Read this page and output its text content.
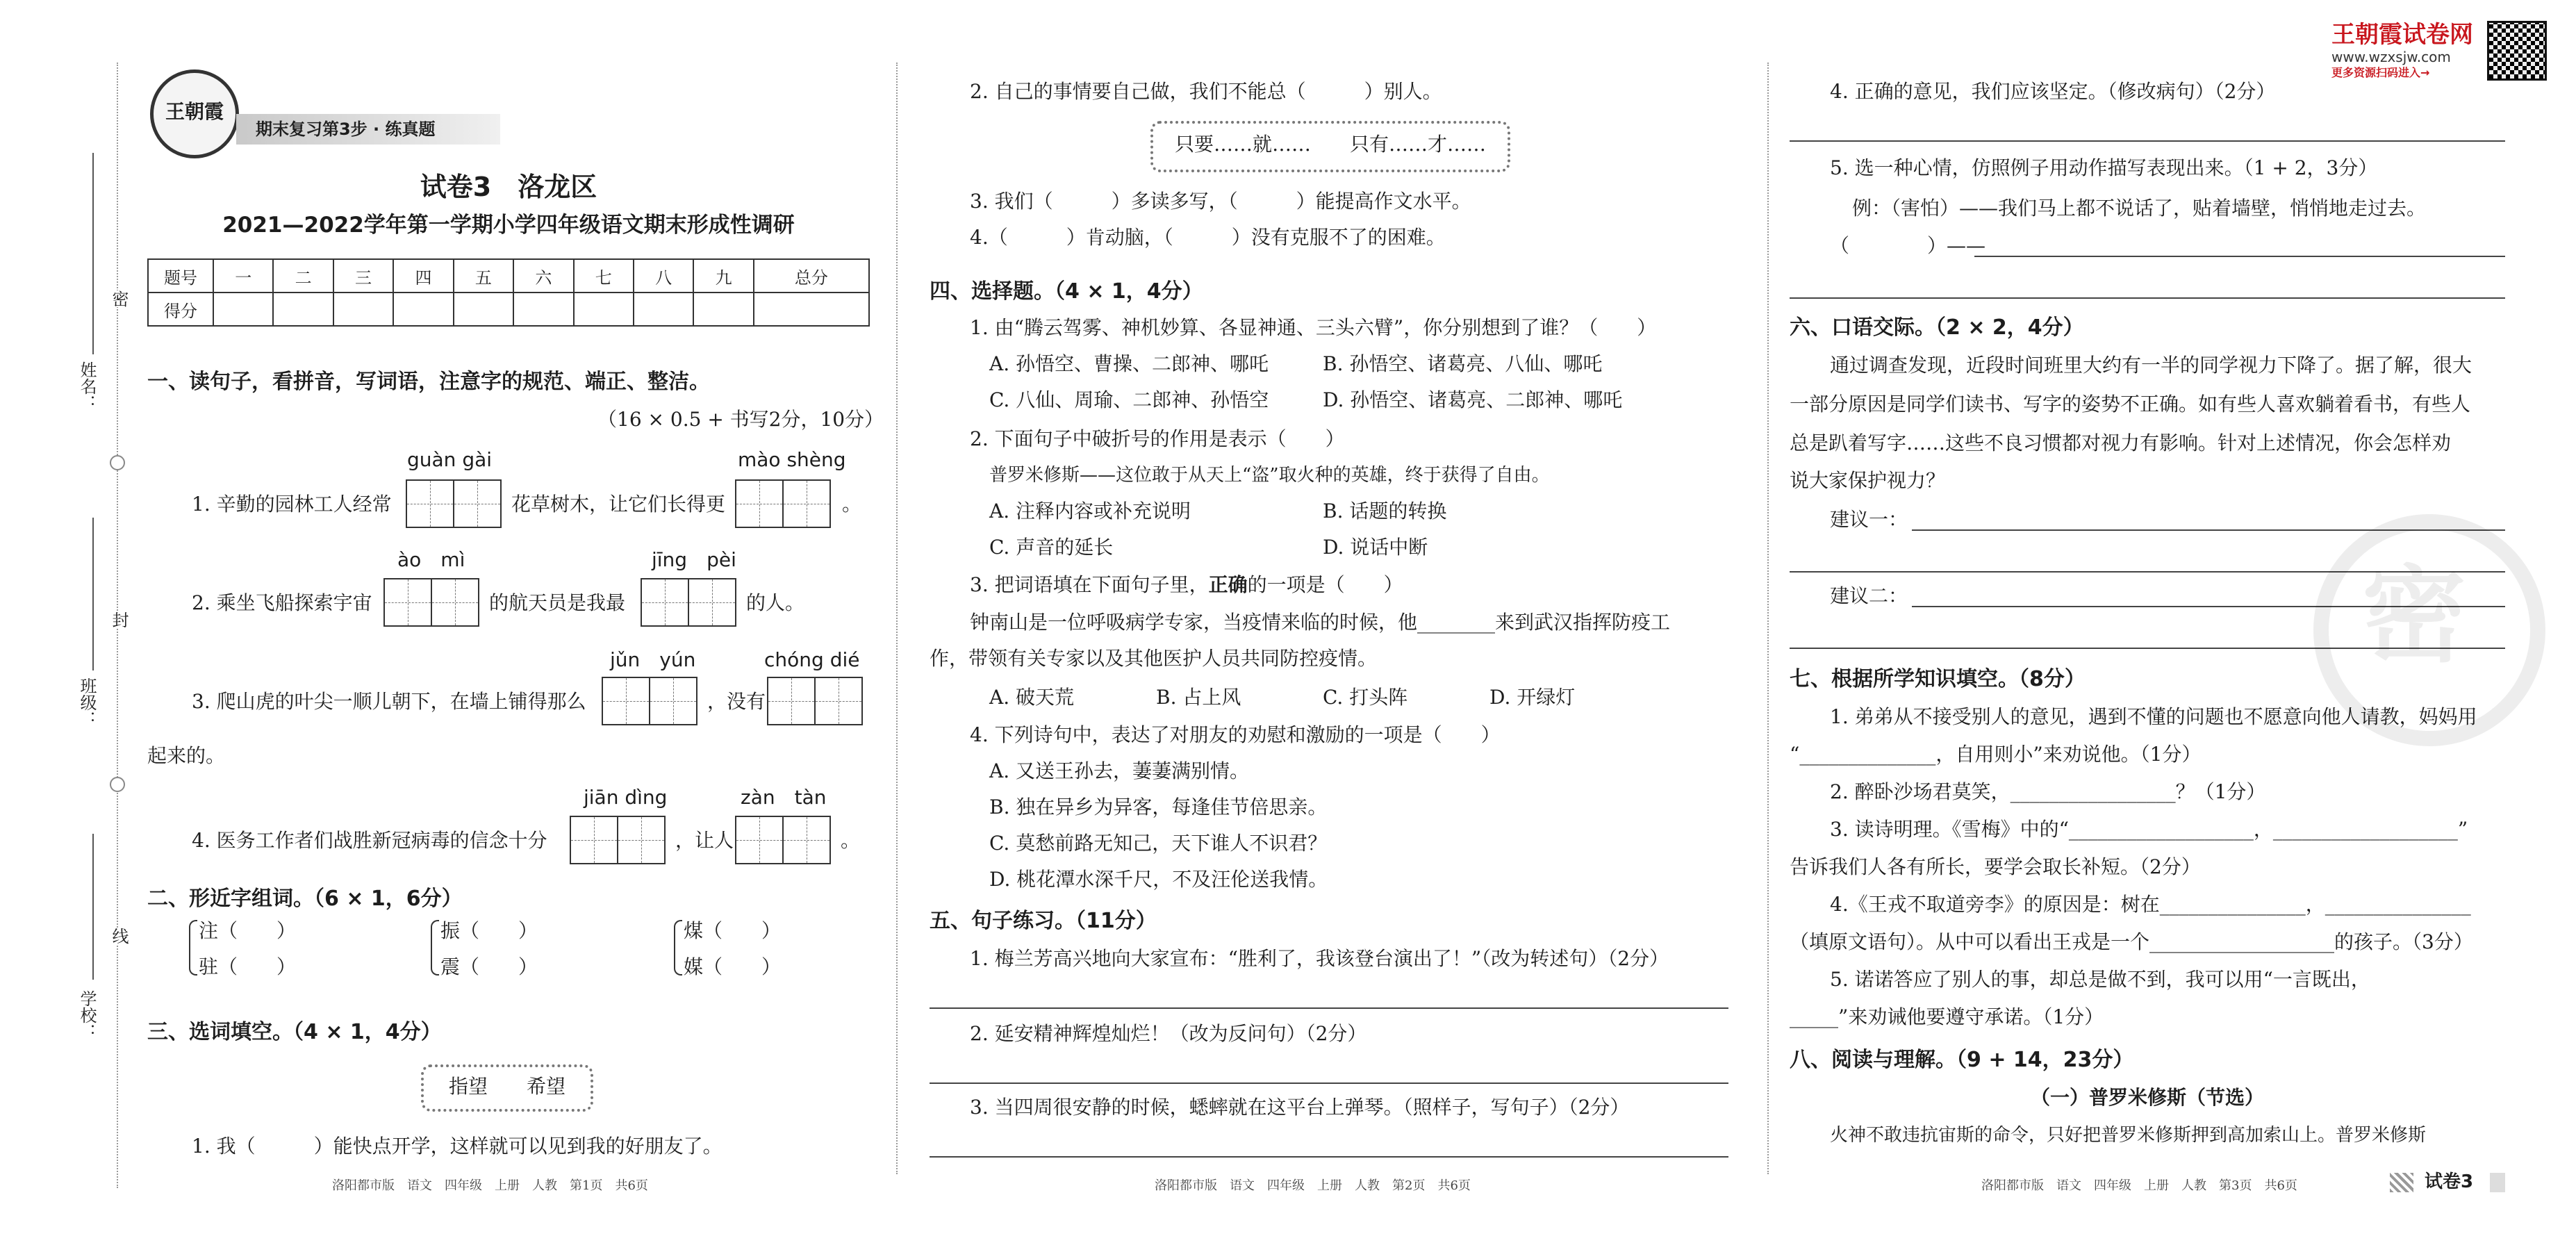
姓名：
班级：
学校：
密
封
线
王朝霞
期末复习第3步 · 练真题
试卷3　洛龙区
2021—2022学年第一学期小学四年级语文期末形成性调研
题号	一	二	三	四	五	六	七	八	九	总分
得分										
一、读句子，看拼音，写词语，注意字的规范、端正、整洁。
（16 × 0.5 + 书写2分，10分）
guàn gài	mào shèng
1. 辛勤的园林工人经常	花草树木，让它们长得更	。
ào　mì	jīng　pèi
2. 乘坐飞船探索宇宙	的航天员是我最	的人。
jǔn　yún	chóng dié
3. 爬山虎的叶尖一顺儿朝下，在墙上铺得那么	，没有
起来的。
jiān dìng	zàn　tàn
4. 医务工作者们战胜新冠病毒的信念十分	，让人	。
二、形近字组词。（6 × 1，6分）
注（　　）
驻（　　）
振（　　）
震（　　）
煤（　　）
媒（　　）
三、选词填空。（4 × 1，4分）
指望　　希望
1. 我（　　　）能快点开学，这样就可以见到我的好朋友了。
洛阳都市版　语文　四年级　上册　人教　第1页　共6页
2. 自己的事情要自己做，我们不能总（　　　）别人。
只要……就……　　只有……才……
3. 我们（　　　）多读多写，（　　　）能提高作文水平。
4.（　　　）肯动脑，（　　　）没有克服不了的困难。
四、选择题。（4 × 1，4分）
1. 由“腾云驾雾、神机妙算、各显神通、三头六臂”，你分别想到了谁？（　　）
A. 孙悟空、曹操、二郎神、哪吒	B. 孙悟空、诸葛亮、八仙、哪吒
C. 八仙、周瑜、二郎神、孙悟空	D. 孙悟空、诸葛亮、二郎神、哪吒
2. 下面句子中破折号的作用是表示（　　）
普罗米修斯——这位敢于从天上“盗”取火种的英雄，终于获得了自由。
A. 注释内容或补充说明	B. 话题的转换
C. 声音的延长	D. 说话中断
3. 把词语填在下面句子里，正确的一项是（　　）
钟南山是一位呼吸病学专家，当疫情来临的时候，他________来到武汉指挥防疫工
作，带领有关专家以及其他医护人员共同防控疫情。
A. 破天荒	B. 占上风	C. 打头阵	D. 开绿灯
4. 下列诗句中，表达了对朋友的劝慰和激励的一项是（　　）
A. 又送王孙去，萋萋满别情。
B. 独在异乡为异客，每逢佳节倍思亲。
C. 莫愁前路无知己，天下谁人不识君？
D. 桃花潭水深千尺，不及汪伦送我情。
五、句子练习。（11分）
1. 梅兰芳高兴地向大家宣布：“胜利了，我该登台演出了！”（改为转述句）（2分）
2. 延安精神辉煌灿烂！（改为反问句）（2分）
3. 当四周很安静的时候，蟋蟀就在这平台上弹琴。（照样子，写句子）（2分）
洛阳都市版　语文　四年级　上册　人教　第2页　共6页
王朝霞试卷网
www.wzxsjw.com
更多资源扫码进入→
4. 正确的意见，我们应该坚定。（修改病句）（2分）
5. 选一种心情，仿照例子用动作描写表现出来。（1 + 2，3分）
例：（害怕）——我们马上都不说话了，贴着墙壁，悄悄地走过去。
（　　　　）——
六、口语交际。（2 × 2，4分）
通过调查发现，近段时间班里大约有一半的同学视力下降了。据了解，很大
一部分原因是同学们读书、写字的姿势不正确。如有些人喜欢躺着看书，有些人
总是趴着写字……这些不良习惯都对视力有影响。针对上述情况，你会怎样劝
说大家保护视力？
建议一：
建议二：
七、根据所学知识填空。（8分）
1. 弟弟从不接受别人的意见，遇到不懂的问题也不愿意向他人请教，妈妈用
“______________，自用则小”来劝说他。（1分）
2. 醉卧沙场君莫笑，_________________？（1分）
3. 读诗明理。《雪梅》中的“___________________，___________________”
告诉我们人各有所长，要学会取长补短。（2分）
4.《王戎不取道旁李》的原因是：树在_______________，_______________
（填原文语句）。从中可以看出王戎是一个___________________的孩子。（3分）
5. 诺诺答应了别人的事，却总是做不到，我可以用“一言既出，
_____”来劝诫他要遵守承诺。（1分）
八、阅读与理解。（9 + 14，23分）
（一）普罗米修斯（节选）
火神不敢违抗宙斯的命令，只好把普罗米修斯押到高加索山上。普罗米修斯
洛阳都市版　语文　四年级　上册　人教　第3页　共6页	试卷3
密
